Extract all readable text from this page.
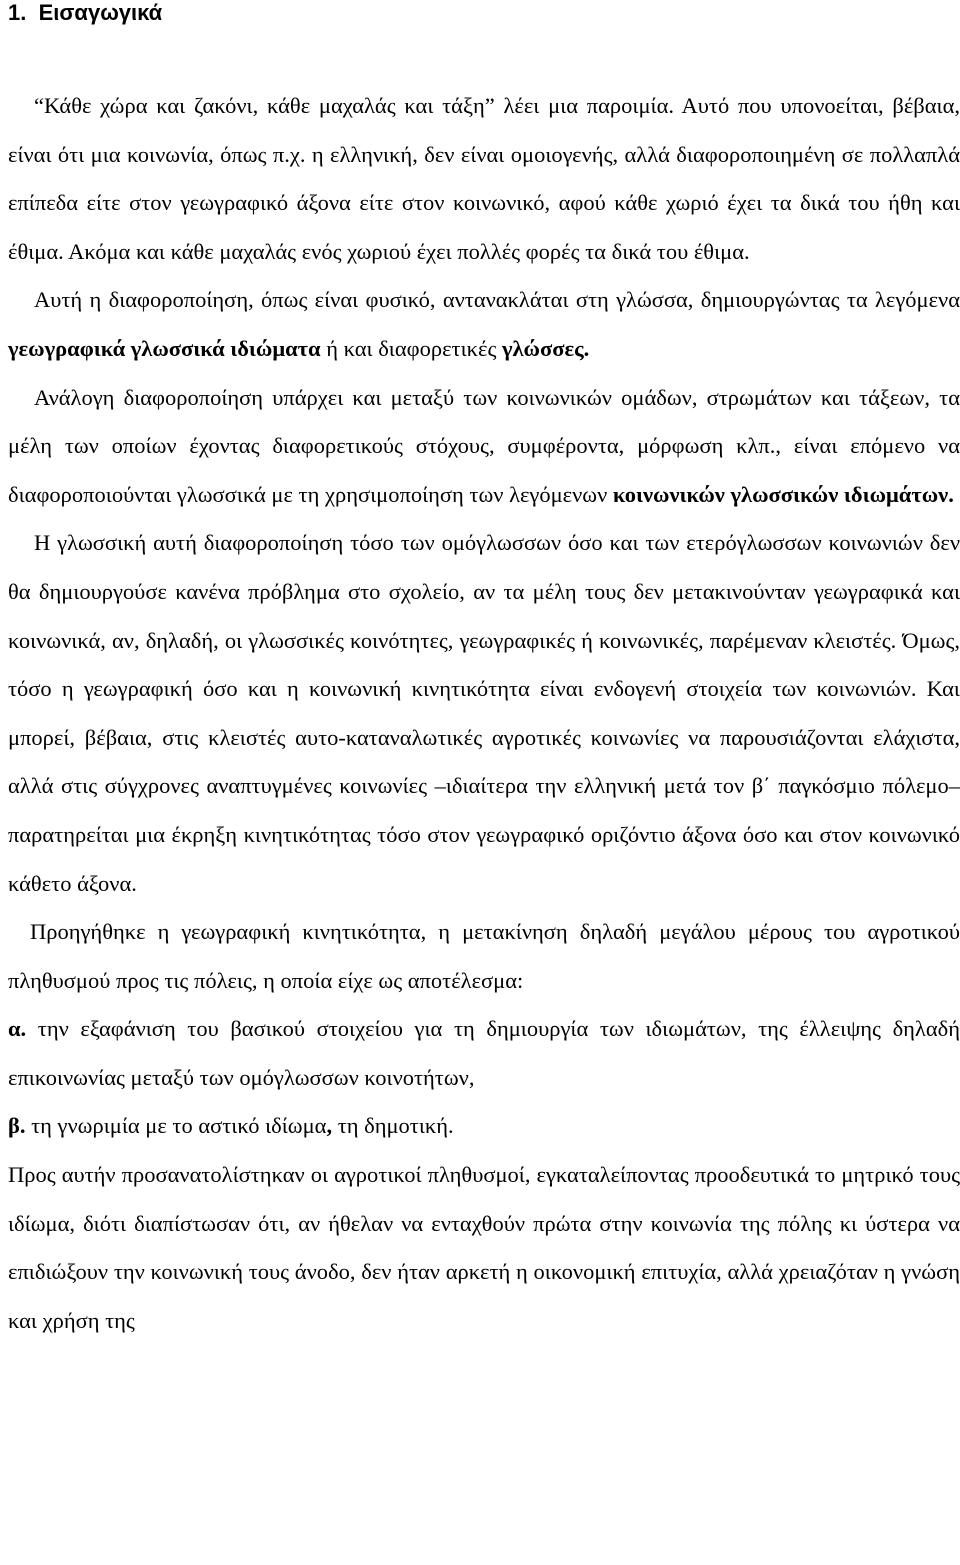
1. Εισαγωγικά

“Κάθε χώρα και ζακόνι, κάθε μαχαλάς και τάξη” λέει μια παροιμία. Αυτό που υπονοείται, βέβαια, είναι ότι μια κοινωνία, όπως π.χ. η ελληνική, δεν είναι ομοιογενής, αλλά διαφοροποιημένη σε πολλαπλά επίπεδα είτε στον γεωγραφικό άξονα είτε στον κοινωνικό, αφού κάθε χωριό έχει τα δικά του ήθη και έθιμα. Ακόμα και κάθε μαχαλάς ενός χωριού έχει πολλές φορές τα δικά του έθιμα.

Αυτή η διαφοροποίηση, όπως είναι φυσικό, αντανακλάται στη γλώσσα, δημιουργώντας τα λεγόμενα γεωγραφικά γλωσσικά ιδιώματα ή και διαφορετικές γλώσσες.

Ανάλογη διαφοροποίηση υπάρχει και μεταξύ των κοινωνικών ομάδων, στρωμάτων και τάξεων, τα μέλη των οποίων έχοντας διαφορετικούς στόχους, συμφέροντα, μόρφωση κλπ., είναι επόμενο να διαφοροποιούνται γλωσσικά με τη χρησιμοποίηση των λεγόμενων κοινωνικών γλωσσικών ιδιωμάτων.

Η γλωσσική αυτή διαφοροποίηση τόσο των ομόγλωσσων όσο και των ετερόγλωσσων κοινωνιών δεν θα δημιουργούσε κανένα πρόβλημα στο σχολείο, αν τα μέλη τους δεν μετακινούνταν γεωγραφικά και κοινωνικά, αν, δηλαδή, οι γλωσσικές κοινότητες, γεωγραφικές ή κοινωνικές, παρέμεναν κλειστές. Όμως, τόσο η γεωγραφική όσο και η κοινωνική κινητικότητα είναι ενδογενή στοιχεία των κοινωνιών. Και μπορεί, βέβαια, στις κλειστές αυτο-καταναλωτικές αγροτικές κοινωνίες να παρουσιάζονται ελάχιστα, αλλά στις σύγχρονες αναπτυγμένες κοινωνίες –ιδιαίτερα την ελληνική μετά τον β΄ παγκόσμιο πόλεμο– παρατηρείται μια έκρηξη κινητικότητας τόσο στον γεωγραφικό οριζόντιο άξονα όσο και στον κοινωνικό κάθετο άξονα.

Προηγήθηκε η γεωγραφική κινητικότητα, η μετακίνηση δηλαδή μεγάλου μέρους του αγροτικού πληθυσμού προς τις πόλεις, η οποία είχε ως αποτέλεσμα:

α. την εξαφάνιση του βασικού στοιχείου για τη δημιουργία των ιδιωμάτων, της έλλειψης δηλαδή επικοινωνίας μεταξύ των ομόγλωσσων κοινοτήτων,

β. τη γνωριμία με το αστικό ιδίωμα, τη δημοτική.

Προς αυτήν προσανατολίστηκαν οι αγροτικοί πληθυσμοί, εγκαταλείποντας προοδευτικά το μητρικό τους ιδίωμα, διότι διαπίστωσαν ότι, αν ήθελαν να ενταχθούν πρώτα στην κοινωνία της πόλης κι ύστερα να επιδιώξουν την κοινωνική τους άνοδο, δεν ήταν αρκετή η οικονομική επιτυχία, αλλά χρειαζόταν η γνώση και χρήση της
